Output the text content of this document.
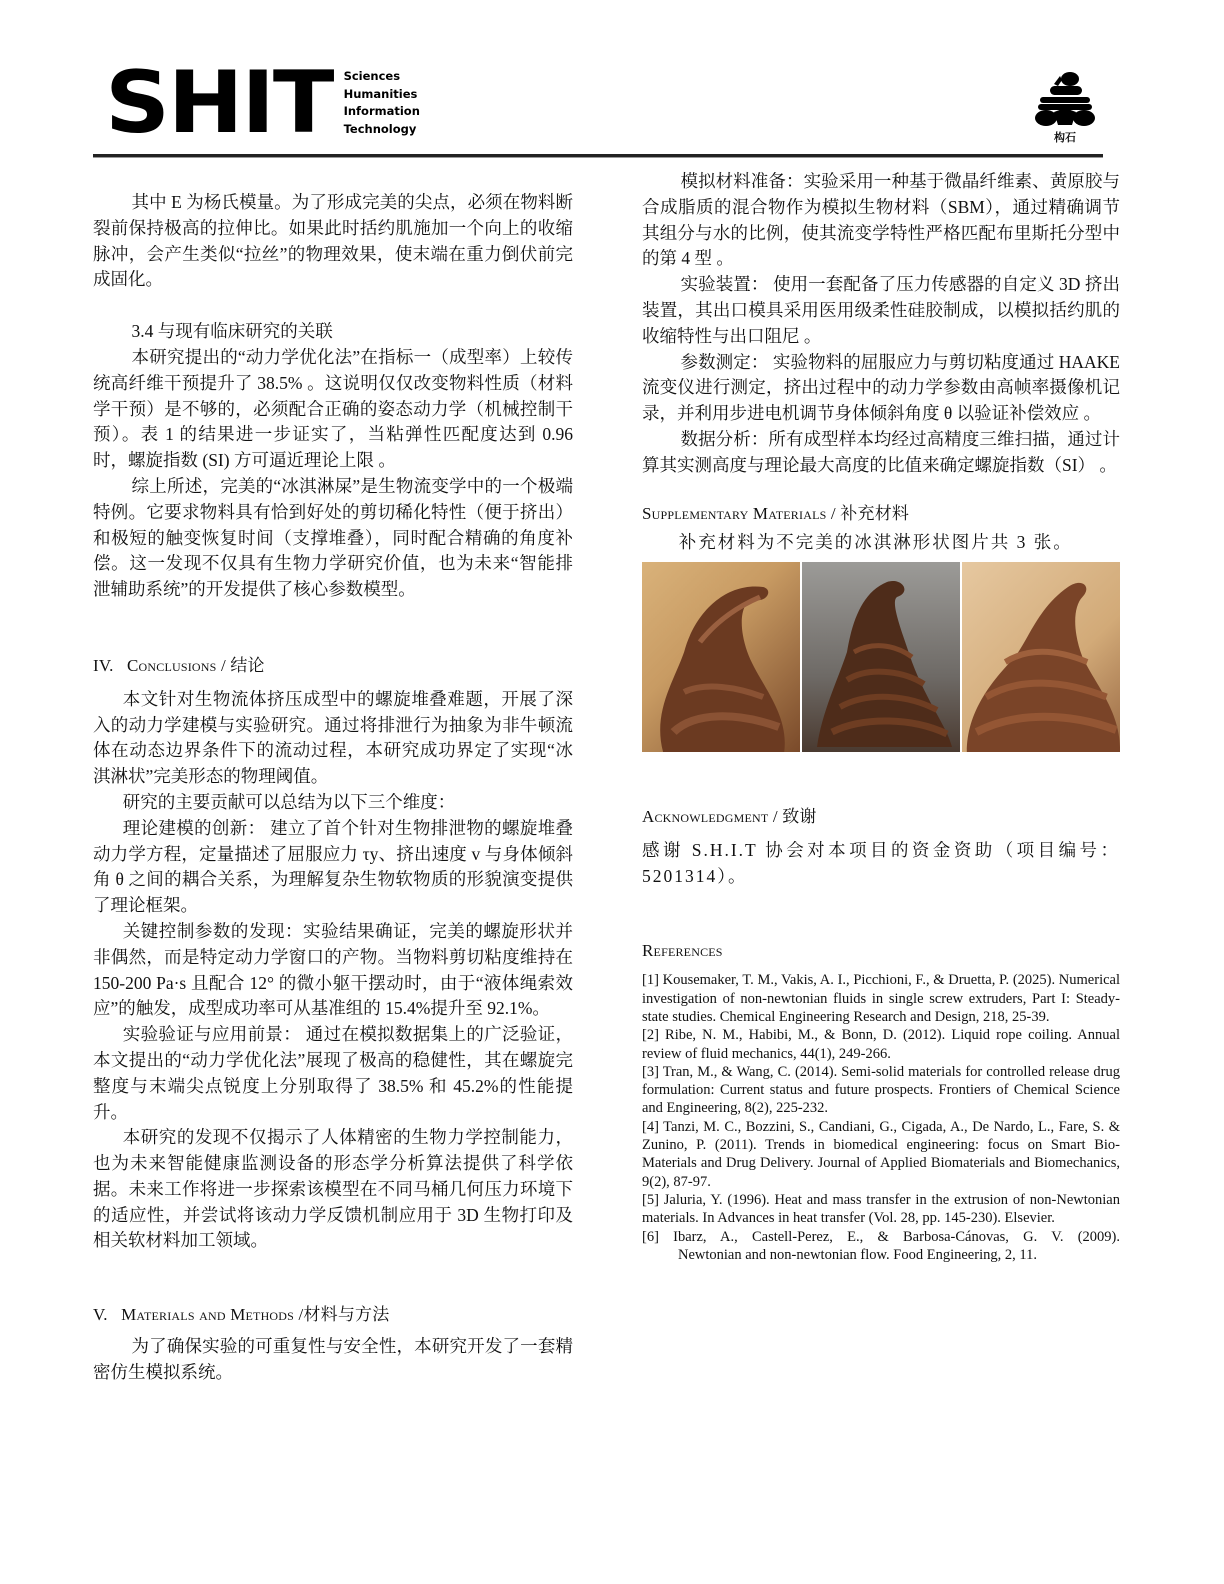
SHIT Sciences
Humanities
Information
Technology
构石

其中 E 为杨氏模量。为了形成完美的尖点，必须在物料断裂前保持极高的拉伸比。如果此时括约肌施加一个向上的收缩脉冲，会产生类似“拉丝”的物理效果，使末端在重力倒伏前完成固化。

3.4 与现有临床研究的关联

本研究提出的“动力学优化法”在指标一（成型率）上较传统高纤维干预提升了 38.5% 。这说明仅仅改变物料性质（材料学干预）是不够的，必须配合正确的姿态动力学（机械控制干预）。表 1 的结果进一步证实了，当粘弹性匹配度达到 0.96 时，螺旋指数 (SI) 方可逼近理论上限 。

综上所述，完美的“冰淇淋屎”是生物流变学中的一个极端特例。它要求物料具有恰到好处的剪切稀化特性（便于挤出）和极短的触变恢复时间（支撑堆叠），同时配合精确的角度补偿。这一发现不仅具有生物力学研究价值，也为未来“智能排泄辅助系统”的开发提供了核心参数模型。

IV. Conclusions / 结论

本文针对生物流体挤压成型中的螺旋堆叠难题，开展了深入的动力学建模与实验研究。通过将排泄行为抽象为非牛顿流体在动态边界条件下的流动过程，本研究成功界定了实现“冰淇淋状”完美形态的物理阈值。

研究的主要贡献可以总结为以下三个维度：

理论建模的创新： 建立了首个针对生物排泄物的螺旋堆叠动力学方程，定量描述了屈服应力 τy、挤出速度 v 与身体倾斜角 θ 之间的耦合关系，为理解复杂生物软物质的形貌演变提供了理论框架。

关键控制参数的发现：实验结果确证，完美的螺旋形状并非偶然，而是特定动力学窗口的产物。当物料剪切粘度维持在 150-200 Pa·s 且配合 12° 的微小躯干摆动时，由于“液体绳索效应”的触发，成型成功率可从基准组的 15.4%提升至 92.1%。

实验验证与应用前景： 通过在模拟数据集上的广泛验证，本文提出的“动力学优化法”展现了极高的稳健性，其在螺旋完整度与末端尖点锐度上分别取得了 38.5% 和 45.2%的性能提升。

本研究的发现不仅揭示了人体精密的生物力学控制能力，也为未来智能健康监测设备的形态学分析算法提供了科学依据。未来工作将进一步探索该模型在不同马桶几何压力环境下的适应性，并尝试将该动力学反馈机制应用于 3D 生物打印及相关软材料加工领域。

V. Materials and Methods /材料与方法

为了确保实验的可重复性与安全性，本研究开发了一套精密仿生模拟系统。

模拟材料准备：实验采用一种基于微晶纤维素、黄原胶与合成脂质的混合物作为模拟生物材料（SBM），通过精确调节其组分与水的比例，使其流变学特性严格匹配布里斯托分型中的第 4 型 。

实验装置： 使用一套配备了压力传感器的自定义 3D 挤出装置，其出口模具采用医用级柔性硅胶制成，以模拟括约肌的收缩特性与出口阻尼 。

参数测定： 实验物料的屈服应力与剪切粘度通过 HAAKE 流变仪进行测定，挤出过程中的动力学参数由高帧率摄像机记录，并利用步进电机调节身体倾斜角度 θ 以验证补偿效应 。

数据分析：所有成型样本均经过高精度三维扫描，通过计算其实测高度与理论最大高度的比值来确定螺旋指数（SI） 。

Supplementary Materials / 补充材料

补充材料为不完美的冰淇淋形状图片共 3 张。

Acknowledgment / 致谢

感谢 S.H.I.T 协会对本项目的资金资助（项目编号：5201314）。

References
[1] Kousemaker, T. M., Vakis, A. I., Picchioni, F., & Druetta, P. (2025). Numerical investigation of non-newtonian fluids in single screw extruders, Part I: Steady-state studies. Chemical Engineering Research and Design, 218, 25-39.
[2] Ribe, N. M., Habibi, M., & Bonn, D. (2012). Liquid rope coiling. Annual review of fluid mechanics, 44(1), 249-266.
[3] Tran, M., & Wang, C. (2014). Semi-solid materials for controlled release drug formulation: Current status and future prospects. Frontiers of Chemical Science and Engineering, 8(2), 225-232.
[4] Tanzi, M. C., Bozzini, S., Candiani, G., Cigada, A., De Nardo, L., Fare, S. & Zunino, P. (2011). Trends in biomedical engineering: focus on Smart Bio-Materials and Drug Delivery. Journal of Applied Biomaterials and Biomechanics, 9(2), 87-97.
[5] Jaluria, Y. (1996). Heat and mass transfer in the extrusion of non-Newtonian materials. In Advances in heat transfer (Vol. 28, pp. 145-230). Elsevier.
[6] Ibarz, A., Castell-Perez, E., & Barbosa-Cánovas, G. V. (2009).
Newtonian and non-newtonian flow. Food Engineering, 2, 11.
